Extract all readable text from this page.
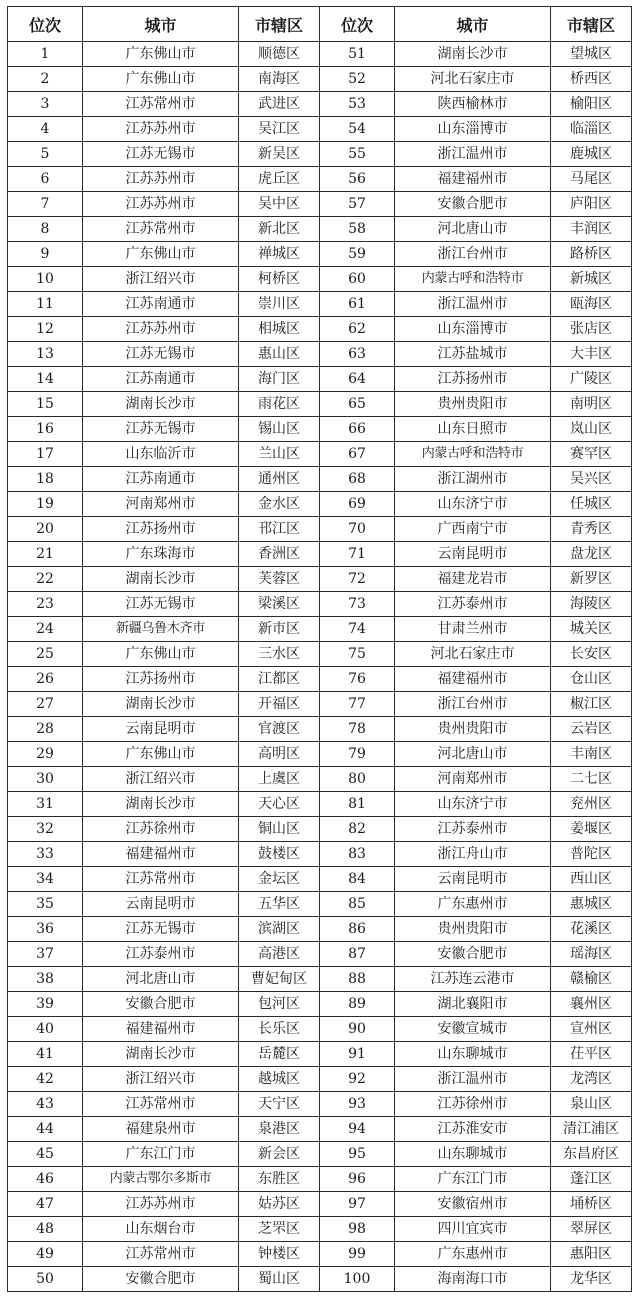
位次	城市	市辖区	位次	城市	市辖区
1	广东佛山市	顺德区	51	湖南长沙市	望城区
2	广东佛山市	南海区	52	河北石家庄市	桥西区
3	江苏常州市	武进区	53	陕西榆林市	榆阳区
4	江苏苏州市	吴江区	54	山东淄博市	临淄区
5	江苏无锡市	新吴区	55	浙江温州市	鹿城区
6	江苏苏州市	虎丘区	56	福建福州市	马尾区
7	江苏苏州市	吴中区	57	安徽合肥市	庐阳区
8	江苏常州市	新北区	58	河北唐山市	丰润区
9	广东佛山市	禅城区	59	浙江台州市	路桥区
10	浙江绍兴市	柯桥区	60	内蒙古呼和浩特市	新城区
11	江苏南通市	崇川区	61	浙江温州市	瓯海区
12	江苏苏州市	相城区	62	山东淄博市	张店区
13	江苏无锡市	惠山区	63	江苏盐城市	大丰区
14	江苏南通市	海门区	64	江苏扬州市	广陵区
15	湖南长沙市	雨花区	65	贵州贵阳市	南明区
16	江苏无锡市	锡山区	66	山东日照市	岚山区
17	山东临沂市	兰山区	67	内蒙古呼和浩特市	赛罕区
18	江苏南通市	通州区	68	浙江湖州市	吴兴区
19	河南郑州市	金水区	69	山东济宁市	任城区
20	江苏扬州市	邗江区	70	广西南宁市	青秀区
21	广东珠海市	香洲区	71	云南昆明市	盘龙区
22	湖南长沙市	芙蓉区	72	福建龙岩市	新罗区
23	江苏无锡市	梁溪区	73	江苏泰州市	海陵区
24	新疆乌鲁木齐市	新市区	74	甘肃兰州市	城关区
25	广东佛山市	三水区	75	河北石家庄市	长安区
26	江苏扬州市	江都区	76	福建福州市	仓山区
27	湖南长沙市	开福区	77	浙江台州市	椒江区
28	云南昆明市	官渡区	78	贵州贵阳市	云岩区
29	广东佛山市	高明区	79	河北唐山市	丰南区
30	浙江绍兴市	上虞区	80	河南郑州市	二七区
31	湖南长沙市	天心区	81	山东济宁市	兖州区
32	江苏徐州市	铜山区	82	江苏泰州市	姜堰区
33	福建福州市	鼓楼区	83	浙江舟山市	普陀区
34	江苏常州市	金坛区	84	云南昆明市	西山区
35	云南昆明市	五华区	85	广东惠州市	惠城区
36	江苏无锡市	滨湖区	86	贵州贵阳市	花溪区
37	江苏泰州市	高港区	87	安徽合肥市	瑶海区
38	河北唐山市	曹妃甸区	88	江苏连云港市	赣榆区
39	安徽合肥市	包河区	89	湖北襄阳市	襄州区
40	福建福州市	长乐区	90	安徽宣城市	宣州区
41	湖南长沙市	岳麓区	91	山东聊城市	茌平区
42	浙江绍兴市	越城区	92	浙江温州市	龙湾区
43	江苏常州市	天宁区	93	江苏徐州市	泉山区
44	福建泉州市	泉港区	94	江苏淮安市	清江浦区
45	广东江门市	新会区	95	山东聊城市	东昌府区
46	内蒙古鄂尔多斯市	东胜区	96	广东江门市	蓬江区
47	江苏苏州市	姑苏区	97	安徽宿州市	埇桥区
48	山东烟台市	芝罘区	98	四川宜宾市	翠屏区
49	江苏常州市	钟楼区	99	广东惠州市	惠阳区
50	安徽合肥市	蜀山区	100	海南海口市	龙华区
